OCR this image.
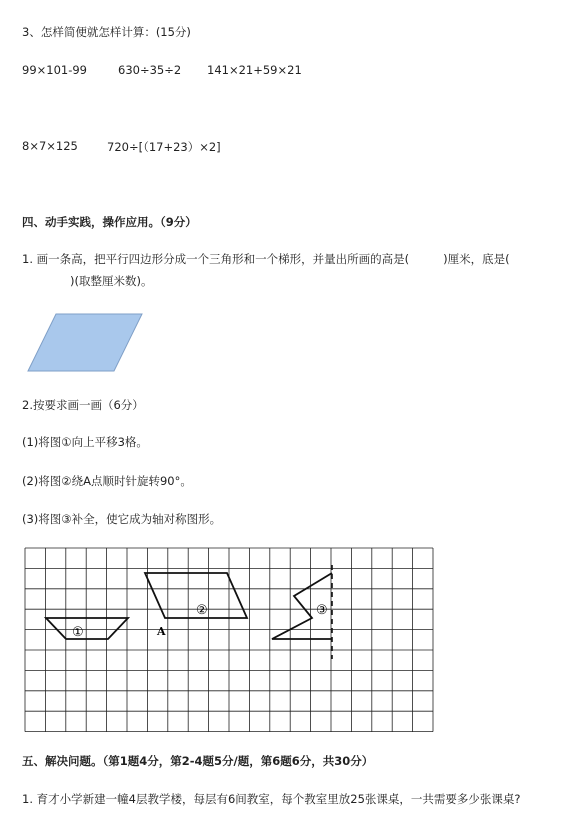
3、怎样简便就怎样计算：(15分)
99×101-99	630÷35÷2 141×21+59×21
8×7×125	720÷[（17+23）×2]
四、动手实践，操作应用。（9分）
1. 画一条高，把平行四边形分成一个三角形和一个梯形，并量出所画的高是(	)厘米，底是(
)(取整厘米数)。
2.按要求画一画（6分）
(1)将图①向上平移3格。
(2)将图②绕A点顺时针旋转90°。
(3)将图③补全，使它成为轴对称图形。
①
②	③
A
五、解决问题。（第1题4分，第2-4题5分/题，第6题6分，共30分）
1. 育才小学新建一幢4层教学楼，每层有6间教室，每个教室里放25张课桌，一共需要多少张课桌?
